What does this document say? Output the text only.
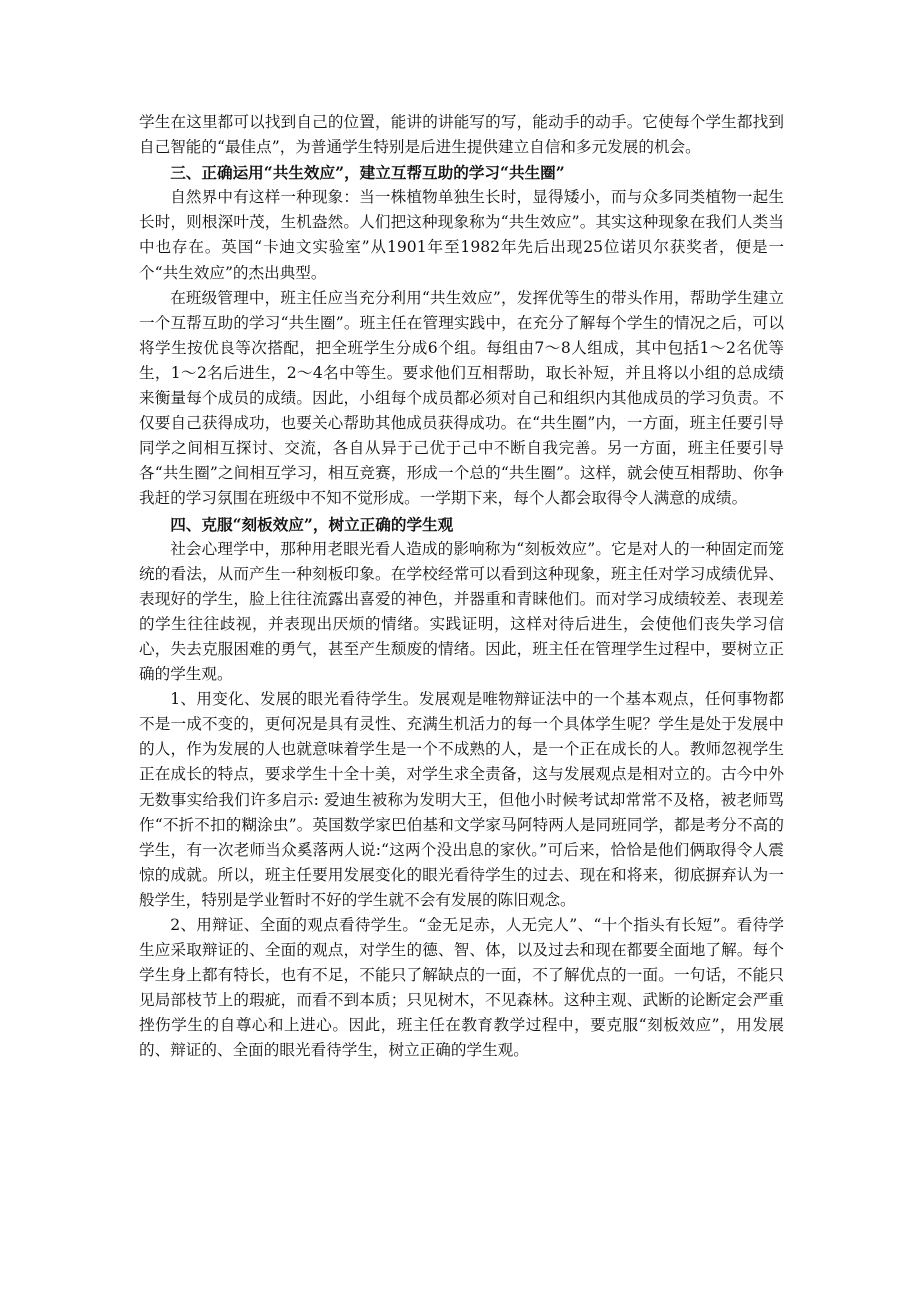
学生在这里都可以找到自己的位置，能讲的讲能写的写，能动手的动手。它使每个学生都找到自己智能的“最佳点”，为普通学生特别是后进生提供建立自信和多元发展的机会。

三、正确运用“共生效应”，建立互帮互助的学习“共生圈”

自然界中有这样一种现象：当一株植物单独生长时，显得矮小，而与众多同类植物一起生长时，则根深叶茂，生机盎然。人们把这种现象称为“共生效应”。其实这种现象在我们人类当中也存在。英国“卡迪文实验室”从1901年至1982年先后出现25位诺贝尔获奖者，便是一个“共生效应”的杰出典型。

在班级管理中，班主任应当充分利用“共生效应”，发挥优等生的带头作用，帮助学生建立一个互帮互助的学习“共生圈”。班主任在管理实践中，在充分了解每个学生的情况之后，可以将学生按优良等次搭配，把全班学生分成6个组。每组由7～8人组成，其中包括1～2名优等生，1～2名后进生，2～4名中等生。要求他们互相帮助，取长补短，并且将以小组的总成绩来衡量每个成员的成绩。因此，小组每个成员都必须对自己和组织内其他成员的学习负责。不仅要自己获得成功，也要关心帮助其他成员获得成功。在“共生圈”内，一方面，班主任要引导同学之间相互探讨、交流，各自从异于己优于己中不断自我完善。另一方面，班主任要引导各“共生圈”之间相互学习，相互竞赛，形成一个总的“共生圈”。这样，就会使互相帮助、你争我赶的学习氛围在班级中不知不觉形成。一学期下来，每个人都会取得令人满意的成绩。

四、克服“刻板效应”，树立正确的学生观

社会心理学中，那种用老眼光看人造成的影响称为“刻板效应”。它是对人的一种固定而笼统的看法，从而产生一种刻板印象。在学校经常可以看到这种现象，班主任对学习成绩优异、表现好的学生，脸上往往流露出喜爱的神色，并器重和青睐他们。而对学习成绩较差、表现差的学生往往歧视，并表现出厌烦的情绪。实践证明，这样对待后进生，会使他们丧失学习信心，失去克服困难的勇气，甚至产生颓废的情绪。因此，班主任在管理学生过程中，要树立正确的学生观。

1、用变化、发展的眼光看待学生。发展观是唯物辩证法中的一个基本观点，任何事物都不是一成不变的，更何况是具有灵性、充满生机活力的每一个具体学生呢？学生是处于发展中的人，作为发展的人也就意味着学生是一个不成熟的人，是一个正在成长的人。教师忽视学生正在成长的特点，要求学生十全十美，对学生求全责备，这与发展观点是相对立的。古今中外无数事实给我们许多启示: 爱迪生被称为发明大王，但他小时候考试却常常不及格，被老师骂作“不折不扣的糊涂虫”。英国数学家巴伯基和文学家马阿特两人是同班同学，都是考分不高的学生，有一次老师当众奚落两人说:“这两个没出息的家伙。”可后来，恰恰是他们俩取得令人震惊的成就。所以，班主任要用发展变化的眼光看待学生的过去、现在和将来，彻底摒弃认为一般学生，特别是学业暂时不好的学生就不会有发展的陈旧观念。

2、用辩证、全面的观点看待学生。“金无足赤，人无完人”、“十个指头有长短”。看待学生应采取辩证的、全面的观点，对学生的德、智、体，以及过去和现在都要全面地了解。每个学生身上都有特长，也有不足，不能只了解缺点的一面，不了解优点的一面。一句话，不能只见局部枝节上的瑕疵，而看不到本质；只见树木，不见森林。这种主观、武断的论断定会严重挫伤学生的自尊心和上进心。因此，班主任在教育教学过程中，要克服“刻板效应”，用发展的、辩证的、全面的眼光看待学生，树立正确的学生观。
